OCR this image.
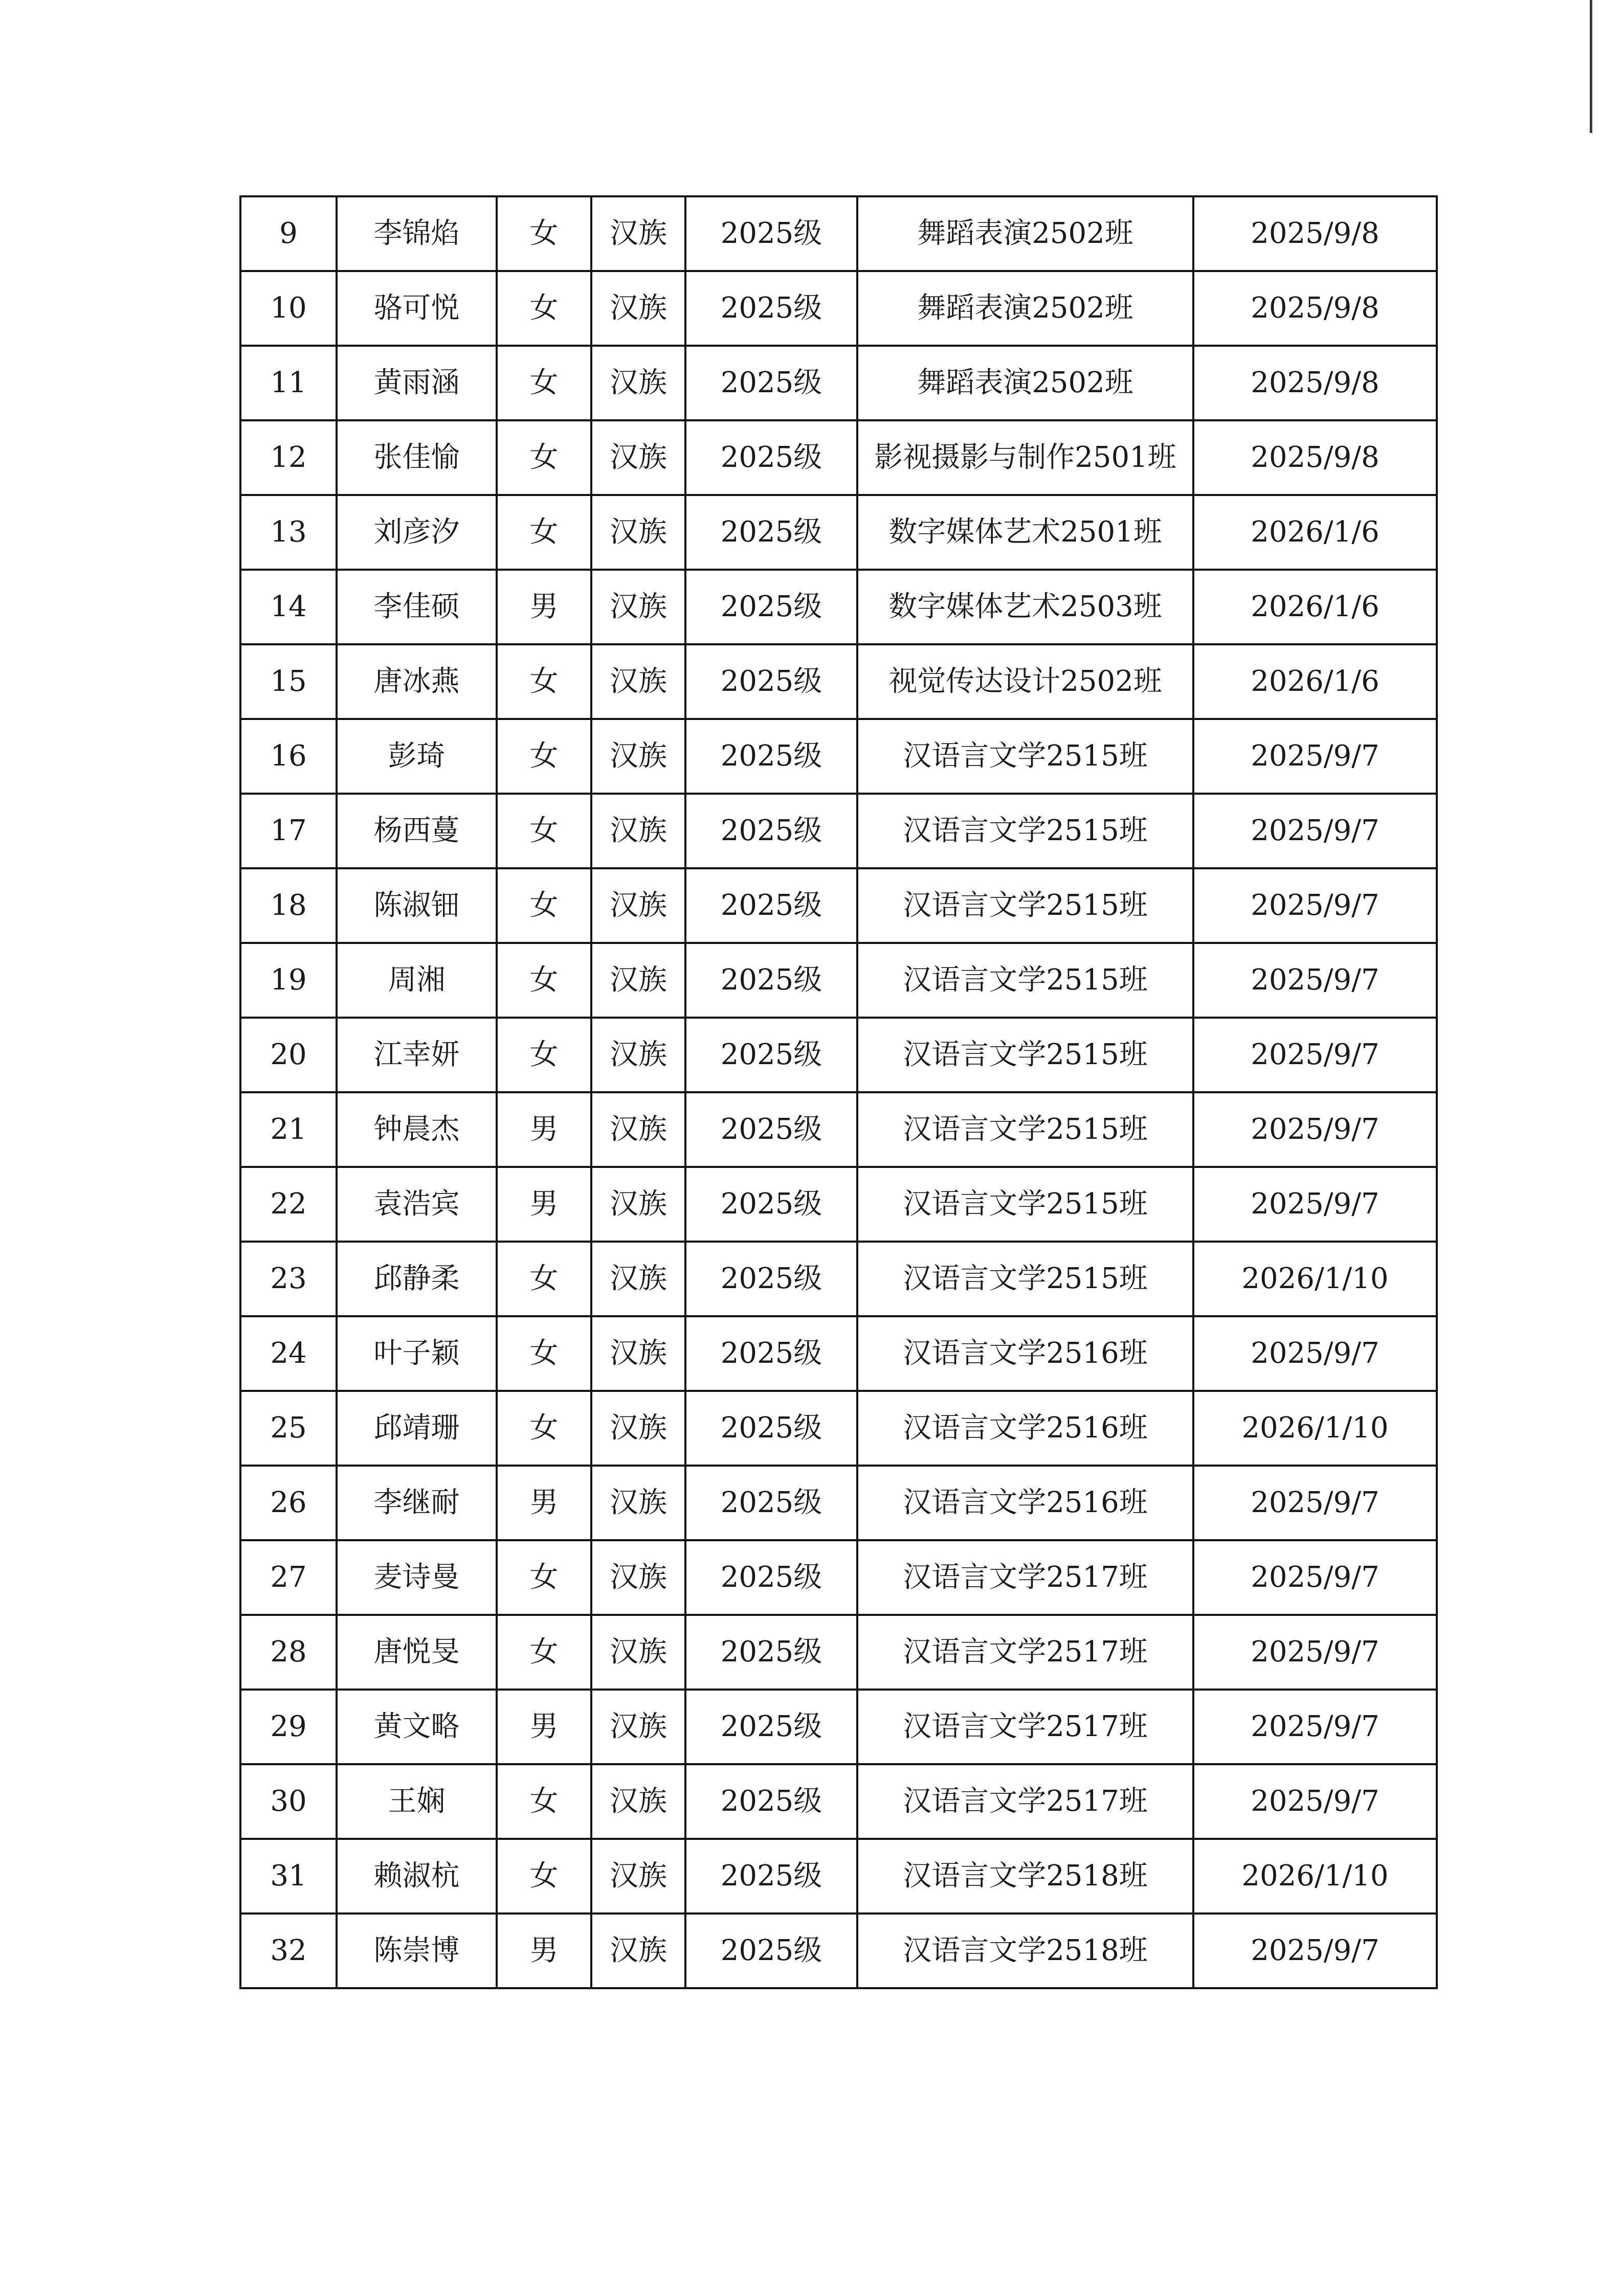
9	李锦焰	女	汉族	2025级	舞蹈表演2502班	2025/9/8
10	骆可悦	女	汉族	2025级	舞蹈表演2502班	2025/9/8
11	黄雨涵	女	汉族	2025级	舞蹈表演2502班	2025/9/8
12	张佳愉	女	汉族	2025级	影视摄影与制作2501班	2025/9/8
13	刘彦汐	女	汉族	2025级	数字媒体艺术2501班	2026/1/6
14	李佳硕	男	汉族	2025级	数字媒体艺术2503班	2026/1/6
15	唐冰燕	女	汉族	2025级	视觉传达设计2502班	2026/1/6
16	彭琦	女	汉族	2025级	汉语言文学2515班	2025/9/7
17	杨西蔓	女	汉族	2025级	汉语言文学2515班	2025/9/7
18	陈淑钿	女	汉族	2025级	汉语言文学2515班	2025/9/7
19	周湘	女	汉族	2025级	汉语言文学2515班	2025/9/7
20	江幸妍	女	汉族	2025级	汉语言文学2515班	2025/9/7
21	钟晨杰	男	汉族	2025级	汉语言文学2515班	2025/9/7
22	袁浩宾	男	汉族	2025级	汉语言文学2515班	2025/9/7
23	邱静柔	女	汉族	2025级	汉语言文学2515班	2026/1/10
24	叶子颖	女	汉族	2025级	汉语言文学2516班	2025/9/7
25	邱靖珊	女	汉族	2025级	汉语言文学2516班	2026/1/10
26	李继耐	男	汉族	2025级	汉语言文学2516班	2025/9/7
27	麦诗曼	女	汉族	2025级	汉语言文学2517班	2025/9/7
28	唐悦旻	女	汉族	2025级	汉语言文学2517班	2025/9/7
29	黄文略	男	汉族	2025级	汉语言文学2517班	2025/9/7
30	王娴	女	汉族	2025级	汉语言文学2517班	2025/9/7
31	赖淑杭	女	汉族	2025级	汉语言文学2518班	2026/1/10
32	陈崇博	男	汉族	2025级	汉语言文学2518班	2025/9/7
